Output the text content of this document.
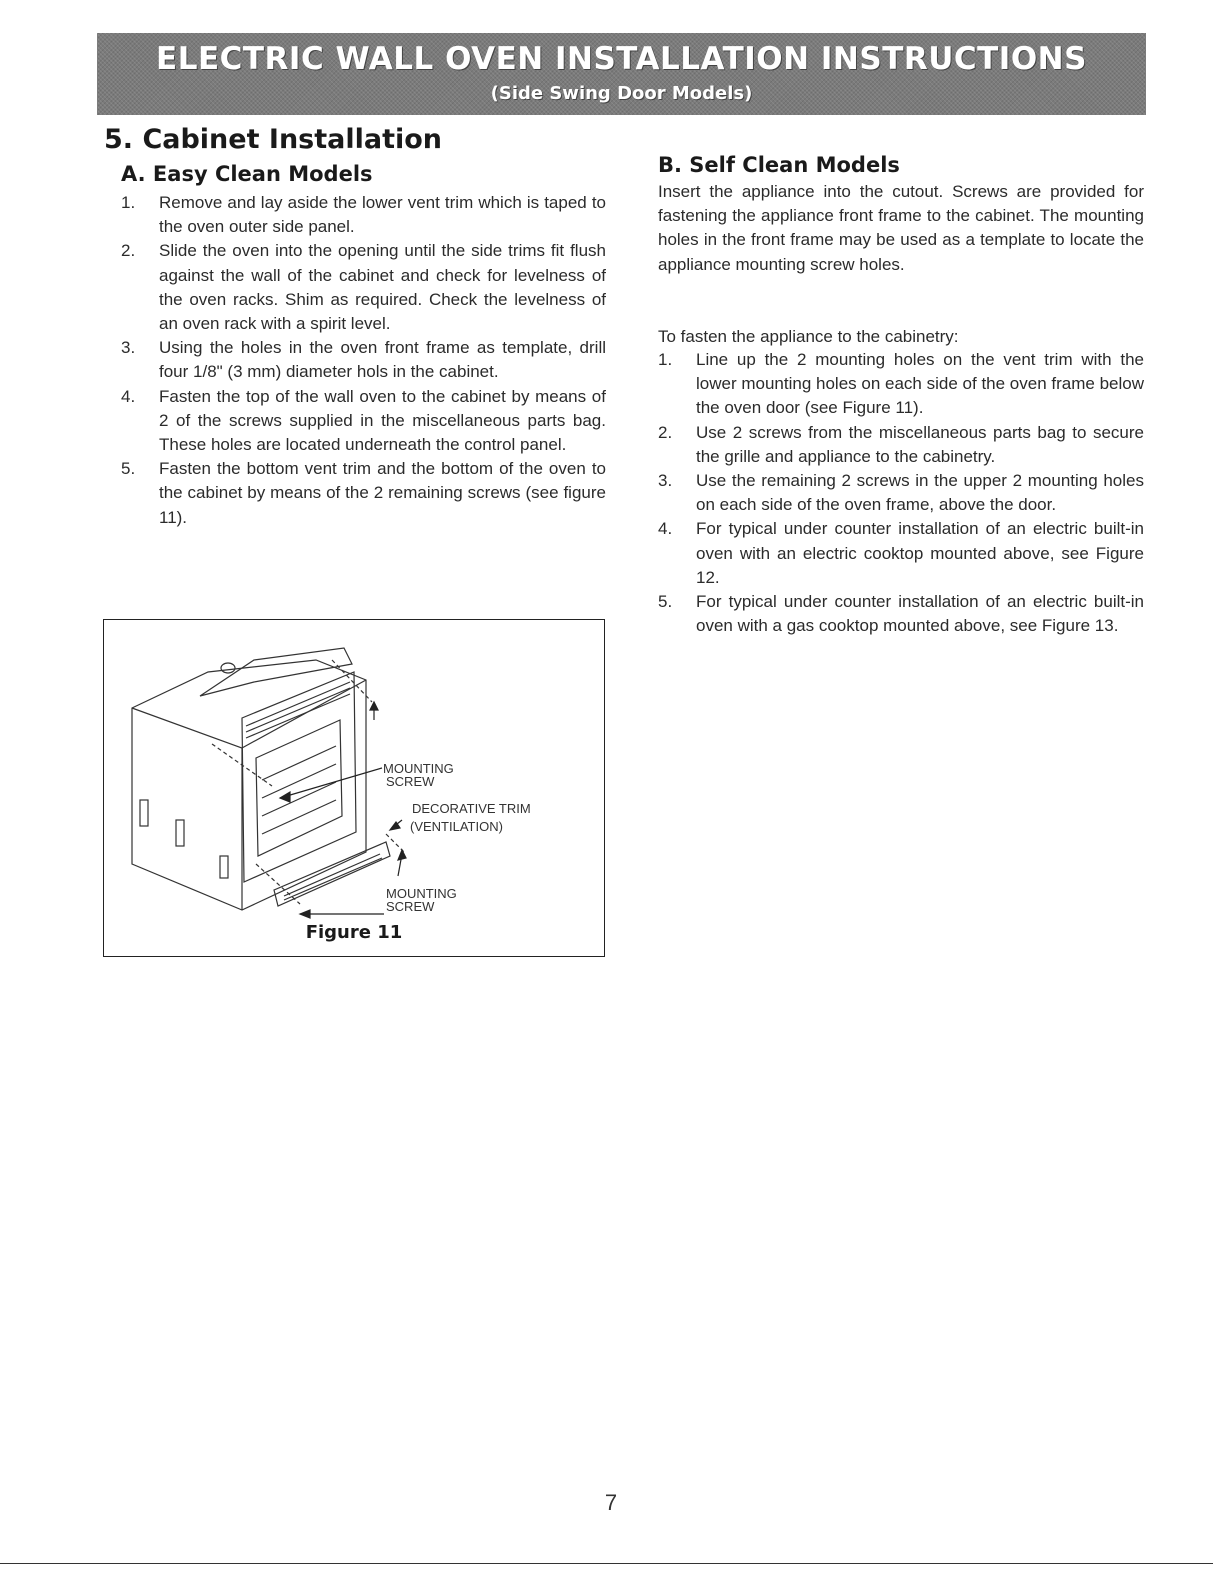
ELECTRIC WALL OVEN INSTALLATION INSTRUCTIONS
(Side Swing Door Models)
5. Cabinet Installation
A. Easy Clean Models
1. Remove and lay aside the lower vent trim which is taped to the oven outer side panel.
2. Slide the oven into the opening until the side trims fit flush against the wall of the cabinet and check for levelness of the oven racks. Shim as required. Check the levelness of an oven rack with a spirit level.
3. Using the holes in the oven front frame as template, drill four 1/8" (3 mm) diameter hols in the cabinet.
4. Fasten the top of the wall oven to the cabinet by means of 2 of the screws supplied in the miscellaneous parts bag. These holes are located underneath the control panel.
5. Fasten the bottom vent trim and the bottom of the oven to the cabinet by means of the 2 remaining screws (see figure 11).
MOUNTING
SCREW
DECORATIVE TRIM
(VENTILATION)
MOUNTING
SCREW
Figure 11
B. Self Clean Models

Insert the appliance into the cutout. Screws are provided for fastening the appliance front frame to the cabinet. The mounting holes in the front frame may be used as a template to locate the appliance mounting screw holes.

To fasten the appliance to the cabinetry:

1. Line up the 2 mounting holes on the vent trim with the lower mounting holes on each side of the oven frame below the oven door (see Figure 11).
2. Use 2 screws from the miscellaneous parts bag to secure the grille and appliance to the cabinetry.
3. Use the remaining 2 screws in the upper 2 mounting holes on each side of the oven frame, above the door.
4. For typical under counter installation of an electric built-in oven with an electric cooktop mounted above, see Figure 12.
5. For typical under counter installation of an electric built-in oven with a gas cooktop mounted above, see Figure 13.
7
